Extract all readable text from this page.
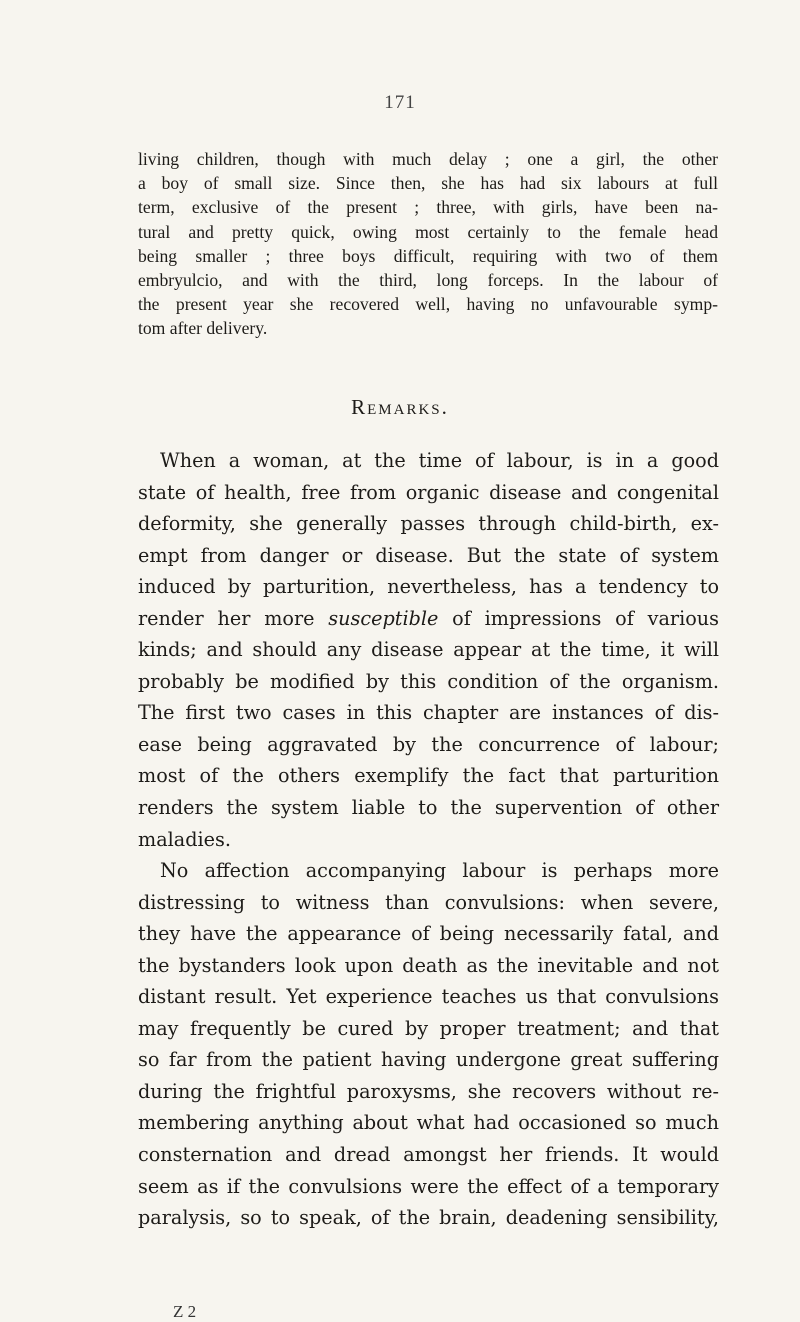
171
living children, though with much delay ; one a girl, the other
a boy of small size. Since then, she has had six labours at full
term, exclusive of the present ; three, with girls, have been na-
tural and pretty quick, owing most certainly to the female head
being smaller ; three boys difficult, requiring with two of them
embryulcio, and with the third, long forceps. In the labour of
the present year she recovered well, having no unfavourable symp-
tom after delivery.
Remarks.
When a woman, at the time of labour, is in a good
state of health, free from organic disease and congenital
deformity, she generally passes through child-birth, ex-
empt from danger or disease. But the state of system
induced by parturition, nevertheless, has a tendency to
render her more susceptible of impressions of various
kinds; and should any disease appear at the time, it will
probably be modified by this condition of the organism.
The first two cases in this chapter are instances of dis-
ease being aggravated by the concurrence of labour;
most of the others exemplify the fact that parturition
renders the system liable to the supervention of other
maladies.
No affection accompanying labour is perhaps more
distressing to witness than convulsions: when severe,
they have the appearance of being necessarily fatal, and
the bystanders look upon death as the inevitable and not
distant result. Yet experience teaches us that convulsions
may frequently be cured by proper treatment; and that
so far from the patient having undergone great suffering
during the frightful paroxysms, she recovers without re-
membering anything about what had occasioned so much
consternation and dread amongst her friends. It would
seem as if the convulsions were the effect of a temporary
paralysis, so to speak, of the brain, deadening sensibility,
Z 2
